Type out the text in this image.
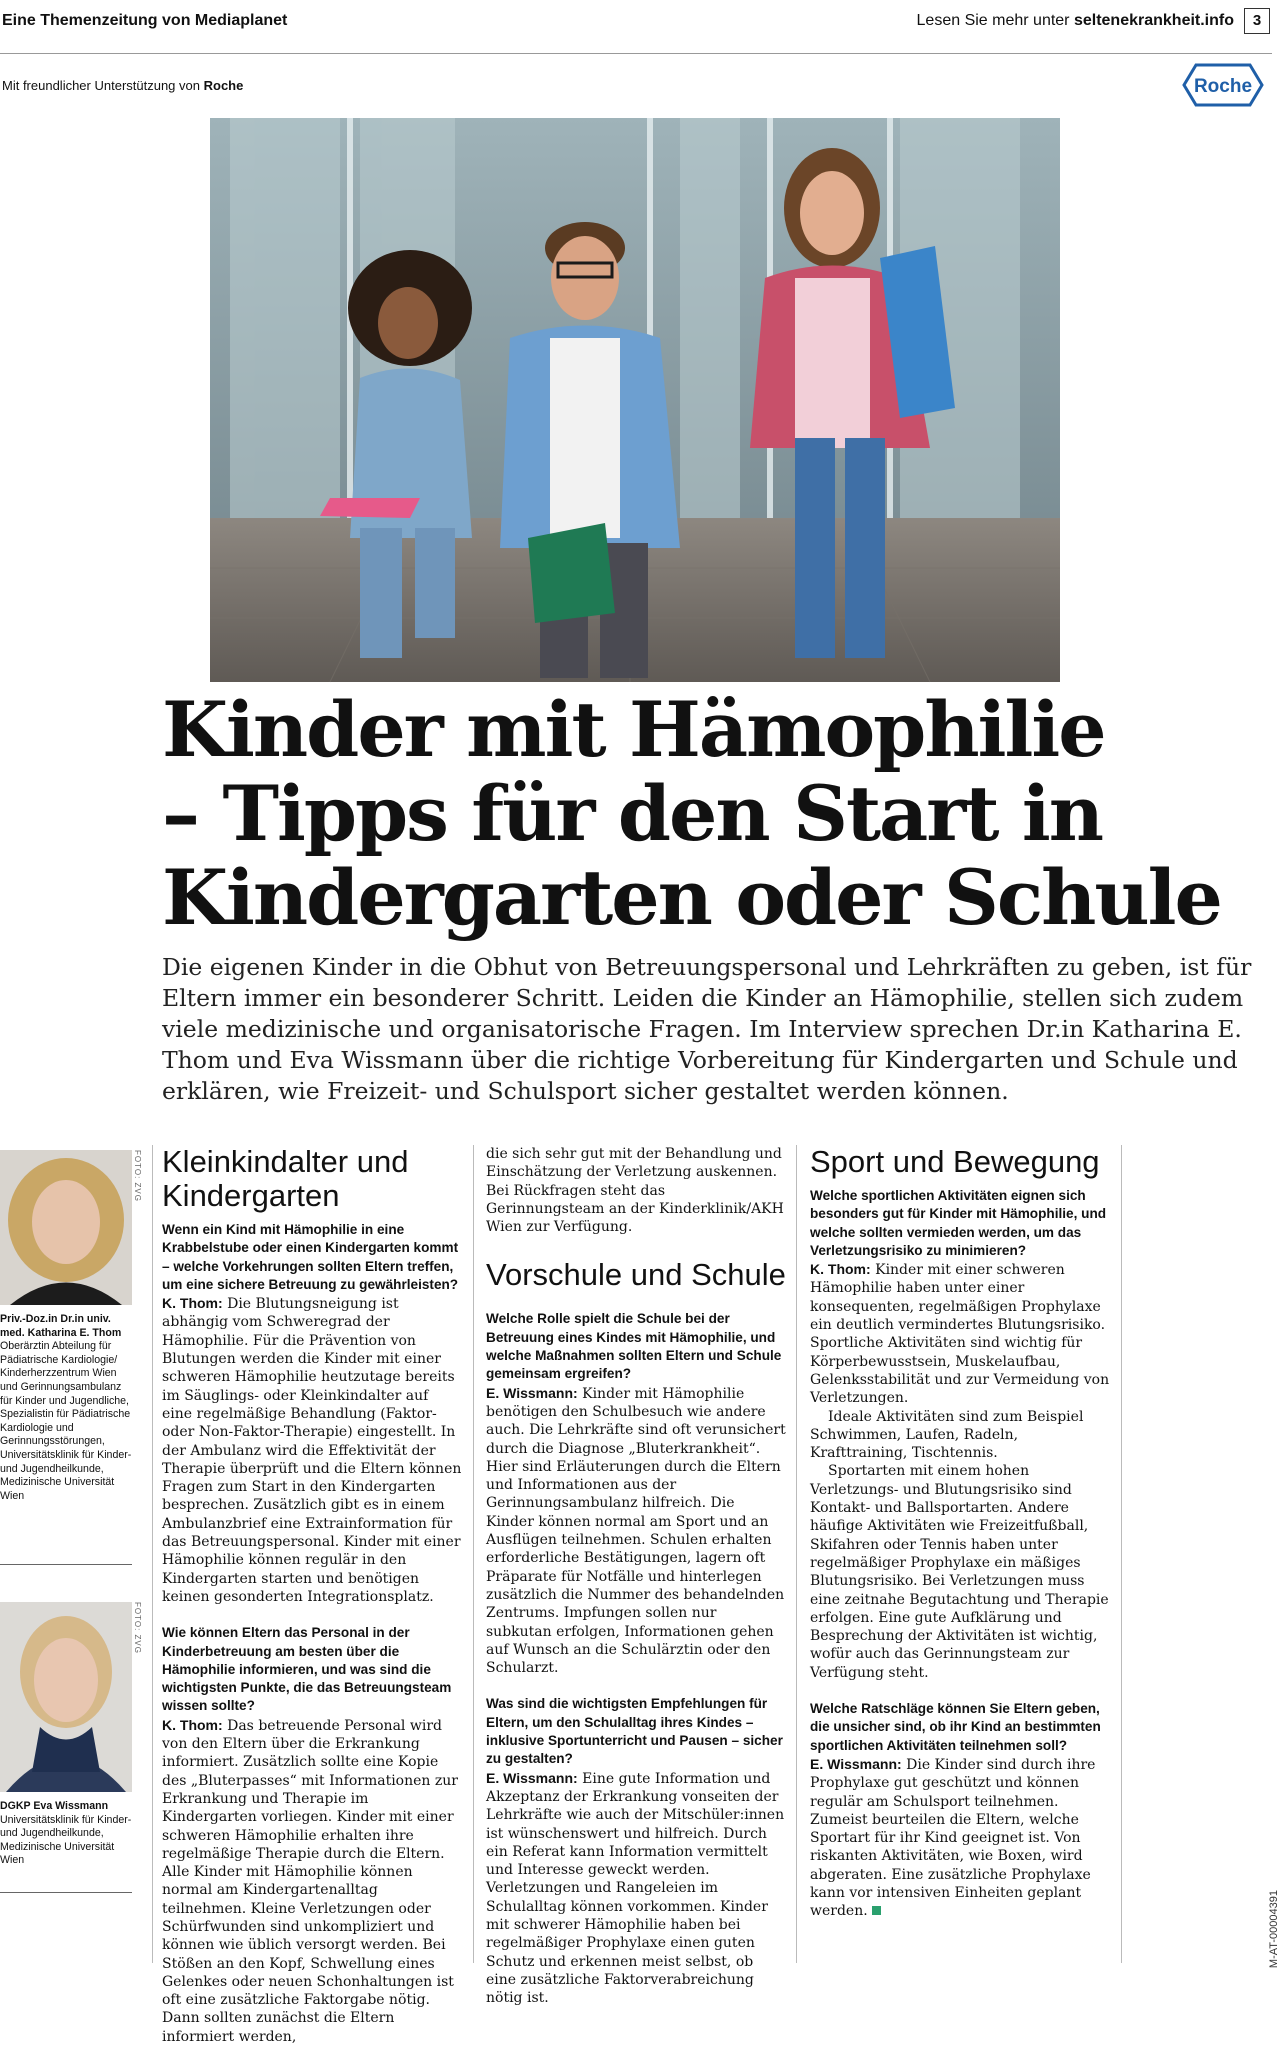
Eine Themenzeitung von Mediaplanet	Lesen Sie mehr unter seltenekrankheit.info	3
Mit freundlicher Unterstützung von Roche	Roche
Kinder mit Hämophilie
– Tipps für den Start in
Kindergarten oder Schule
Die eigenen Kinder in die Obhut von Betreuungspersonal und Lehrkräften zu geben, ist für Eltern immer ein besonderer Schritt. Leiden die Kinder an Hämophilie, stellen sich zudem viele medizinische und organisatorische Fragen. Im Interview sprechen Dr.in Katharina E. Thom und Eva Wissmann über die richtige Vorbereitung für Kindergarten und Schule und erklären, wie Freizeit- und Schulsport sicher gestaltet werden können.
FOTO: ZVG
Priv.-Doz.in Dr.in univ. med. Katharina E. Thom
Oberärztin Abteilung für Pädiatrische Kardiologie/ Kinderherzzentrum Wien und Gerinnungsambulanz für Kinder und Jugendliche, Spezialistin für Pädiatrische Kardiologie und Gerinnungsstörungen, Universitätsklinik für Kinder- und Jugendheilkunde, Medizinische Universität Wien
FOTO: ZVG
DGKP Eva Wissmann
Universitätsklinik für Kinder- und Jugendheilkunde, Medizinische Universität Wien
Kleinkindalter und Kindergarten

Wenn ein Kind mit Hämophilie in eine Krabbelstube oder einen Kindergarten kommt – welche Vorkehrungen sollten Eltern treffen, um eine sichere Betreuung zu gewährleisten?

K. Thom: Die Blutungsneigung ist abhängig vom Schweregrad der Hämophilie. Für die Prävention von Blutungen werden die Kinder mit einer schweren Hämophilie heutzutage bereits im Säuglings- oder Kleinkindalter auf eine regelmäßige Behandlung (Faktor- oder Non-Faktor-Therapie) eingestellt. In der Ambulanz wird die Effektivität der Therapie überprüft und die Eltern können Fragen zum Start in den Kindergarten besprechen. Zusätzlich gibt es in einem Ambulanzbrief eine Extrainformation für das Betreuungspersonal. Kinder mit einer Hämophilie können regulär in den Kindergarten starten und benötigen keinen gesonderten Integrationsplatz.

Wie können Eltern das Personal in der Kinderbetreuung am besten über die Hämophilie informieren, und was sind die wichtigsten Punkte, die das Betreuungsteam wissen sollte?

K. Thom: Das betreuende Personal wird von den Eltern über die Erkrankung informiert. Zusätzlich sollte eine Kopie des „Bluterpasses“ mit Informationen zur Erkrankung und Therapie im Kindergarten vorliegen. Kinder mit einer schweren Hämophilie erhalten ihre regelmäßige Therapie durch die Eltern. Alle Kinder mit Hämophilie können normal am Kindergartenalltag teilnehmen. Kleine Verletzungen oder Schürfwunden sind unkompliziert und können wie üblich versorgt werden. Bei Stößen an den Kopf, Schwellung eines Gelenkes oder neuen Schonhaltungen ist oft eine zusätzliche Faktorgabe nötig. Dann sollten zunächst die Eltern informiert werden,

die sich sehr gut mit der Behandlung und Einschätzung der Verletzung auskennen. Bei Rückfragen steht das Gerinnungsteam an der Kinderklinik/AKH Wien zur Verfügung.

Vorschule und Schule

Welche Rolle spielt die Schule bei der Betreuung eines Kindes mit Hämophilie, und welche Maßnahmen sollten Eltern und Schule gemeinsam ergreifen?

E. Wissmann: Kinder mit Hämophilie benötigen den Schulbesuch wie andere auch. Die Lehrkräfte sind oft verunsichert durch die Diagnose „Bluterkrankheit“. Hier sind Erläuterungen durch die Eltern und Informationen aus der Gerinnungsambulanz hilfreich. Die Kinder können normal am Sport und an Ausflügen teilnehmen. Schulen erhalten erforderliche Bestätigungen, lagern oft Präparate für Notfälle und hinterlegen zusätzlich die Nummer des behandelnden Zentrums. Impfungen sollen nur subkutan erfolgen, Informationen gehen auf Wunsch an die Schulärztin oder den Schularzt.

Was sind die wichtigsten Empfehlungen für Eltern, um den Schulalltag ihres Kindes – inklusive Sportunterricht und Pausen – sicher zu gestalten?

E. Wissmann: Eine gute Information und Akzeptanz der Erkrankung vonseiten der Lehrkräfte wie auch der Mitschüler:innen ist wünschenswert und hilfreich. Durch ein Referat kann Information vermittelt und Interesse geweckt werden. Verletzungen und Rangeleien im Schulalltag können vorkommen. Kinder mit schwerer Hämophilie haben bei regelmäßiger Prophylaxe einen guten Schutz und erkennen meist selbst, ob eine zusätzliche Faktorverabreichung nötig ist.

Sport und Bewegung

Welche sportlichen Aktivitäten eignen sich besonders gut für Kinder mit Hämophilie, und welche sollten vermieden werden, um das Verletzungsrisiko zu minimieren?

K. Thom: Kinder mit einer schweren Hämophilie haben unter einer konsequenten, regelmäßigen Prophylaxe ein deutlich vermindertes Blutungsrisiko. Sportliche Aktivitäten sind wichtig für Körperbewusstsein, Muskelaufbau, Gelenksstabilität und zur Vermeidung von Verletzungen.

Ideale Aktivitäten sind zum Beispiel Schwimmen, Laufen, Radeln, Krafttraining, Tischtennis.

Sportarten mit einem hohen Verletzungs- und Blutungsrisiko sind Kontakt- und Ballsportarten. Andere häufige Aktivitäten wie Freizeitfußball, Skifahren oder Tennis haben unter regelmäßiger Prophylaxe ein mäßiges Blutungsrisiko. Bei Verletzungen muss eine zeitnahe Begutachtung und Therapie erfolgen. Eine gute Aufklärung und Besprechung der Aktivitäten ist wichtig, wofür auch das Gerinnungsteam zur Verfügung steht.

Welche Ratschläge können Sie Eltern geben, die unsicher sind, ob ihr Kind an bestimmten sportlichen Aktivitäten teilnehmen soll?

E. Wissmann: Die Kinder sind durch ihre Prophylaxe gut geschützt und können regulär am Schulsport teilnehmen. Zumeist beurteilen die Eltern, welche Sportart für ihr Kind geeignet ist. Von riskanten Aktivitäten, wie Boxen, wird abgeraten. Eine zusätzliche Prophylaxe kann vor intensiven Einheiten geplant werden.	M-AT-00004391
